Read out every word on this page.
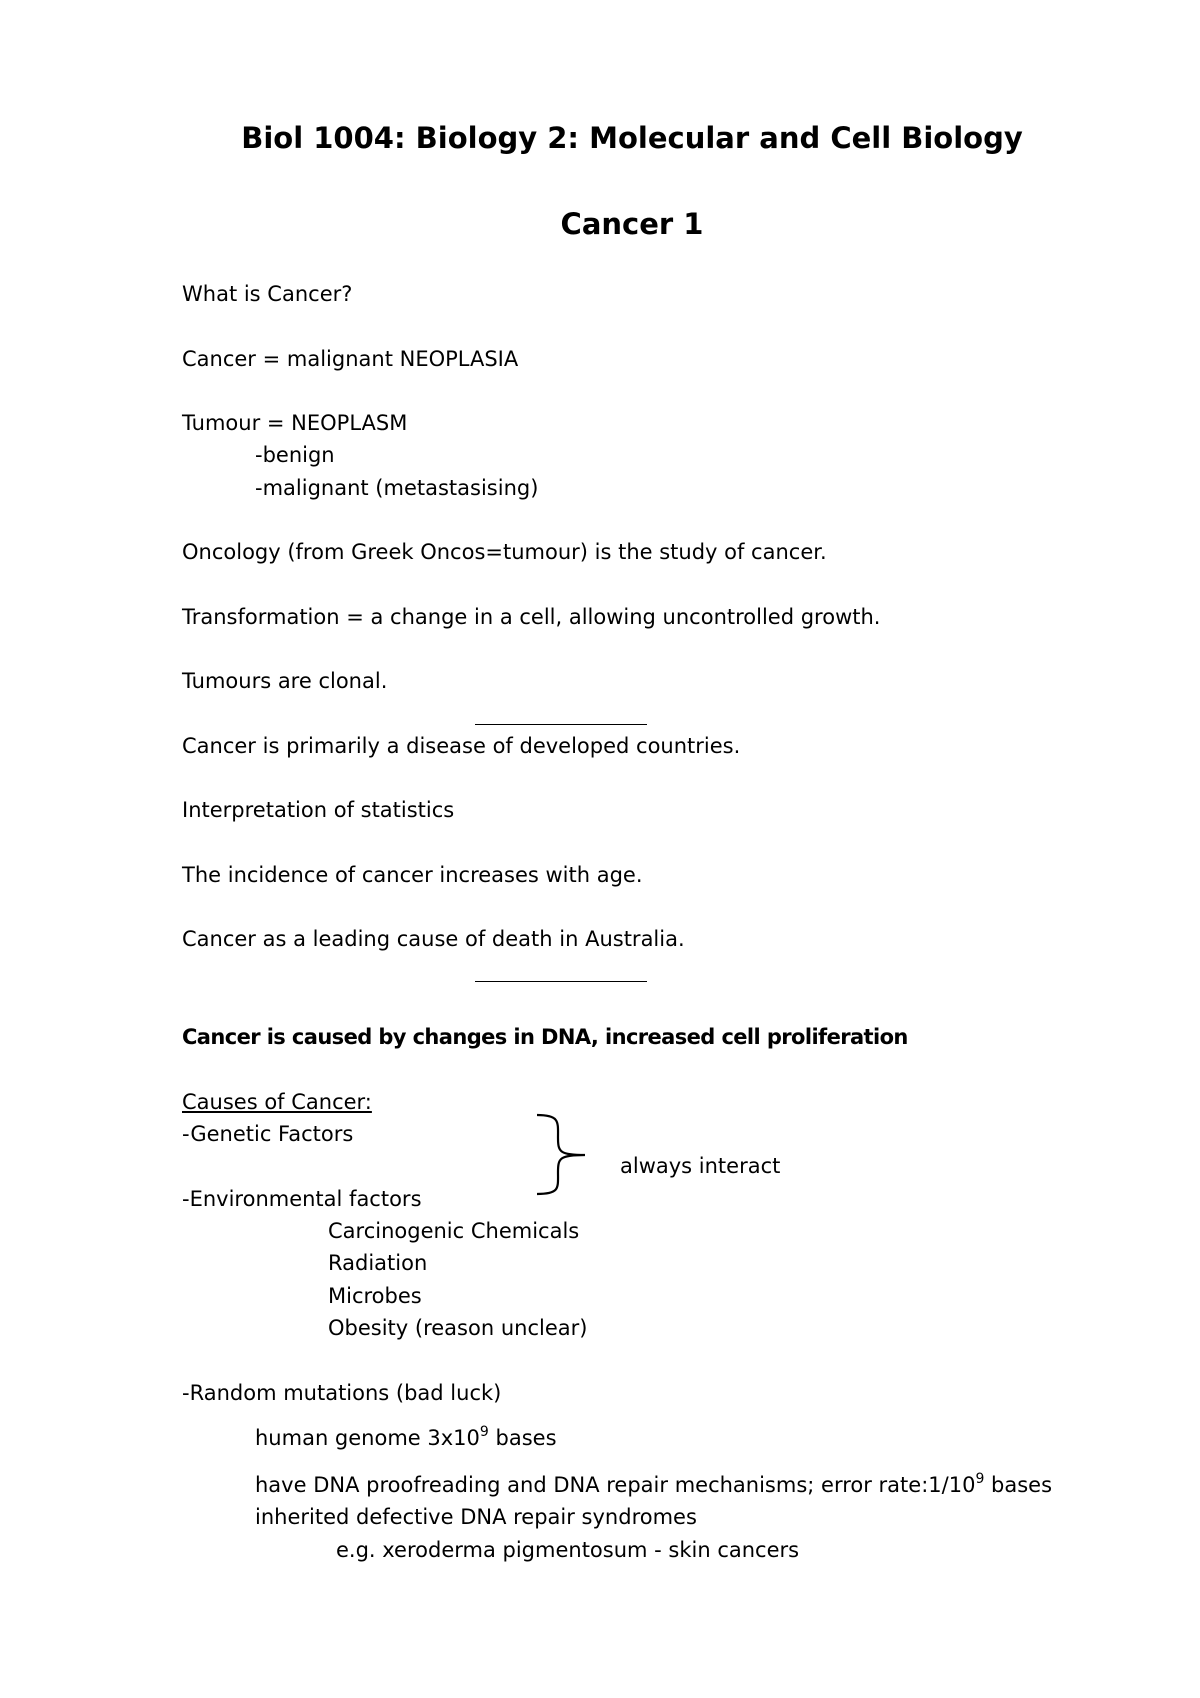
Biol 1004: Biology 2: Molecular and Cell Biology
Cancer 1
What is Cancer?
Cancer = malignant NEOPLASIA
Tumour = NEOPLASM
-benign
-malignant (metastasising)
Oncology (from Greek Oncos=tumour) is the study of cancer.
Transformation = a change in a cell, allowing uncontrolled growth.
Tumours are clonal.
Cancer is primarily a disease of developed countries.
Interpretation of statistics
The incidence of cancer increases with age.
Cancer as a leading cause of death in Australia.
Cancer is caused by changes in DNA, increased cell proliferation
Causes of Cancer:
-Genetic Factors
always interact
-Environmental factors
Carcinogenic Chemicals
Radiation
Microbes
Obesity (reason unclear)
-Random mutations (bad luck)
human genome $3x10^9$ bases
have DNA proofreading and DNA repair mechanisms; error $rate:1/10^9$ bases
inherited defective DNA repair syndromes
e.g. xeroderma pigmentosum - skin cancers
